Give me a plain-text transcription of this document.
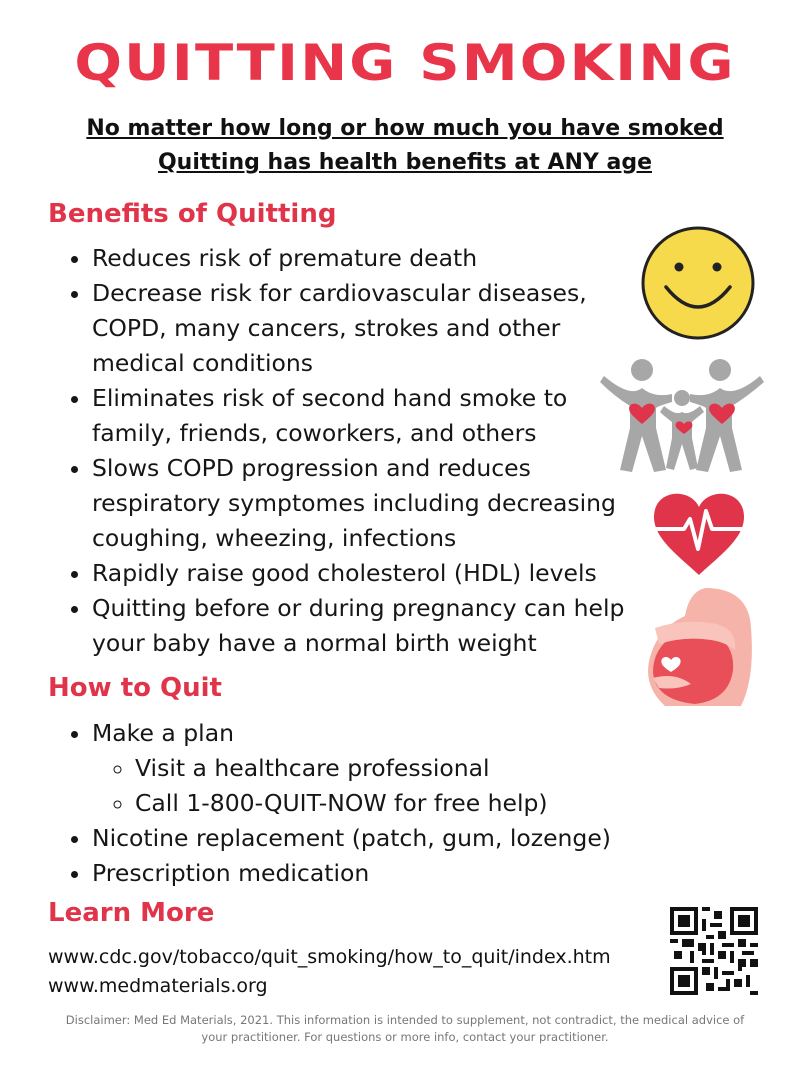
QUITTING SMOKING

No matter how long or how much you have smoked

Quitting has health benefits at ANY age

Benefits of Quitting
• Reduces risk of premature death
• Decrease risk for cardiovascular diseases, COPD, many cancers, strokes and other medical conditions
• Eliminates risk of second hand smoke to family, friends, coworkers, and others
• Slows COPD progression and reduces respiratory symptomes including decreasing coughing, wheezing, infections
• Rapidly raise good cholesterol (HDL) levels
• Quitting before or during pregnancy can help your baby have a normal birth weight
How to Quit
• Make a plan
◦ Visit a healthcare professional
◦ Call 1-800-QUIT-NOW for free help)
• Nicotine replacement (patch, gum, lozenge)
• Prescription medication
Learn More
www.cdc.gov/tobacco/quit_smoking/how_to_quit/index.htm
www.medmaterials.org
Disclaimer: Med Ed Materials, 2021. This information is intended to supplement, not contradict, the medical advice of your practitioner. For questions or more info, contact your practitioner.
